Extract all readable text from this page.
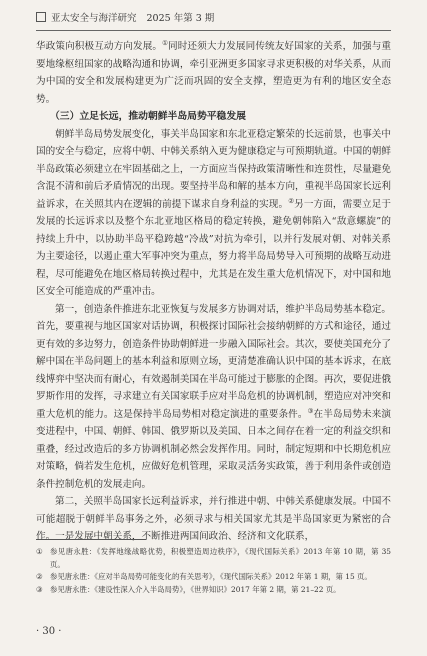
亚太安全与海洋研究 2025 年第 3 期

华政策向积极互动方向发展。①同时还须大力发展同传统友好国家的关系，加强与重要地缘枢纽国家的战略沟通和协调，牵引亚洲更多国家寻求更积极的对华关系，从而为中国的安全和发展构建更为广泛而巩固的安全支撑，塑造更为有利的地区安全态势。

（三）立足长远，推动朝鲜半岛局势平稳发展

朝鲜半岛局势发展变化，事关半岛国家和东北亚稳定繁荣的长远前景，也事关中国的安全与稳定，应将中朝、中韩关系纳入更为健康稳定与可预期轨道。中国的朝鲜半岛政策必须建立在牢固基础之上，一方面应当保持政策清晰性和连贯性，尽量避免含混不清和前后矛盾情况的出现。要坚持半岛和解的基本方向，重视半岛国家长远利益诉求，在关照其内在逻辑的前提下谋求自身利益的实现。②另一方面，需要立足于发展的长远诉求以及整个东北亚地区格局的稳定转换，避免朝韩陷入“敌意螺旋”的持续上升中，以协助半岛平稳跨越“冷战”对抗为牵引，以并行发展对朝、对韩关系为主要途径，以遏止重大军事冲突为重点，努力将半岛局势导入可预期的战略互动进程，尽可能避免在地区格局转换过程中，尤其是在发生重大危机情况下，对中国和地区安全可能造成的严重冲击。

第一，创造条件推进东北亚恢复与发展多方协调对话，维护半岛局势基本稳定。首先，要重视与地区国家对话协调，积极探讨国际社会接纳朝鲜的方式和途径，通过更有效的多边努力，创造条件协助朝鲜进一步融入国际社会。其次，要使美国充分了解中国在半岛问题上的基本利益和原则立场，更清楚准确认识中国的基本诉求，在底线博弈中坚决而有耐心，有效遏制美国在半岛可能过于膨胀的企图。再次，要促进俄罗斯作用的发挥，寻求建立有关国家联手应对半岛危机的协调机制，塑造应对冲突和重大危机的能力。这是保持半岛局势相对稳定演进的重要条件。③在半岛局势未来演变进程中，中国、朝鲜、韩国、俄罗斯以及美国、日本之间存在着一定的利益交织和重叠，经过改造后的多方协调机制必然会发挥作用。同时，制定短期和中长期危机应对策略，倘若发生危机，应做好危机管理，采取灵活务实政策，善于利用条件或创造条件控制危机的发展走向。

第二，关照半岛国家长远利益诉求，并行推进中朝、中韩关系健康发展。中国不可能超脱于朝鲜半岛事务之外，必须寻求与相关国家尤其是半岛国家更为紧密的合作。一是发展中朝关系，不断推进两国间政治、经济和文化联系，

① 参见唐永胜：《发挥地缘战略优势，积极塑造周边秩序》，《现代国际关系》2013 年第 10 期，第 35 页。

② 参见唐永胜：《应对半岛局势可能变化的有关思考》，《现代国际关系》2012 年第 1 期，第 15 页。

③ 参见唐永胜：《建设性深入介入半岛局势》，《世界知识》2017 年第 2 期，第 21–22 页。

· 30 ·
